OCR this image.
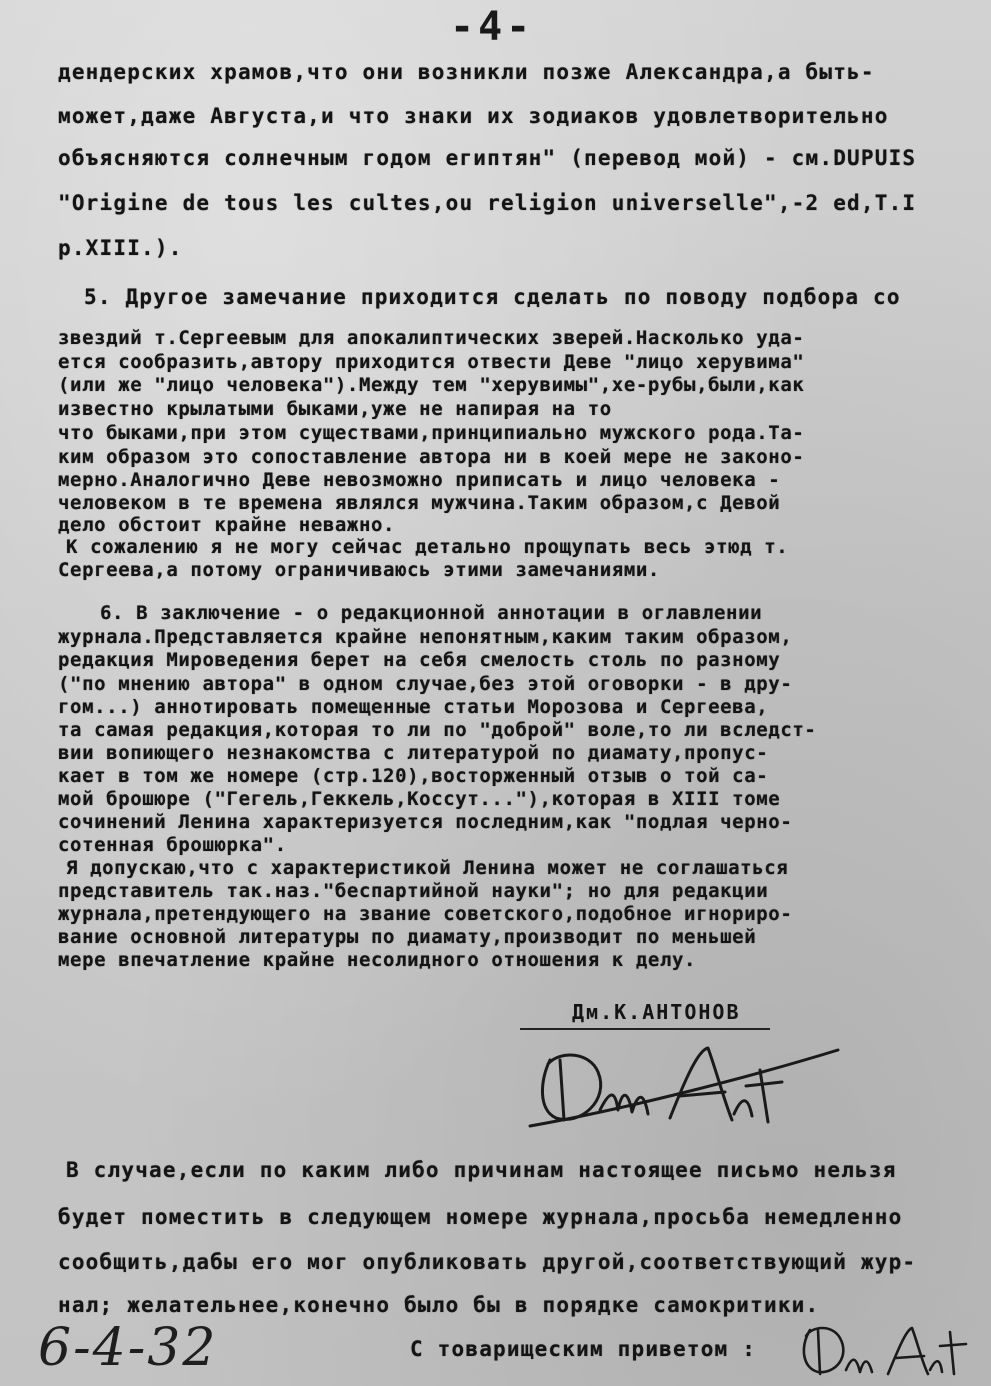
-4-
дендерских храмов,что они возникли позже Александра,а быть-
может,даже Августа,и что знаки их зодиаков удовлетворительно
объясняются солнечным годом египтян" (перевод мой) - см.DUPUIS
"Origine de tous les cultes,ou religion universelle",-2 ed,T.I
p.XIII.).
5. Другое замечание приходится сделать по поводу подбора со
звездий т.Сергеевым для апокалиптических зверей.Насколько уда-
ется сообразить,автору приходится отвести Деве "лицо херувима"
(или же "лицо человека").Между тем "херувимы",хе-рубы,были,как
известно крылатыми быками,уже не напирая на то
что быками,при этом существами,принципиально мужского рода.Та-
ким образом это сопоставление автора ни в коей мере не законо-
мерно.Аналогично Деве невозможно приписать и лицо человека -
человеком в те времена являлся мужчина.Таким образом,с Девой
дело обстоит крайне неважно.
К сожалению я не могу сейчас детально прощупать весь этюд т.
Сергеева,а потому ограничиваюсь этими замечаниями.
6. В заключение - о редакционной аннотации в оглавлении
журнала.Представляется крайне непонятным,каким таким образом,
редакция Мироведения берет на себя смелость столь по разному
("по мнению автора" в одном случае,без этой оговорки - в дру-
гом...) аннотировать помещенные статьи Морозова и Сергеева,
та самая редакция,которая то ли по "доброй" воле,то ли вследст-
вии вопиющего незнакомства с литературой по диамату,пропус-
кает в том же номере (стр.120),восторженный отзыв о той са-
мой брошюре ("Гегель,Геккель,Коссут..."),которая в XIII томе
сочинений Ленина характеризуется последним,как "подлая черно-
сотенная брошюрка".
Я допускаю,что с характеристикой Ленина может не соглашаться
представитель так.наз."беспартийной науки"; но для редакции
журнала,претендующего на звание советского,подобное игнориро-
вание основной литературы по диамату,производит по меньшей
мере впечатление крайне несолидного отношения к делу.
Дм.К.АНТОНОВ
В случае,если по каким либо причинам настоящее письмо нельзя
будет поместить в следующем номере журнала,просьба немедленно
сообщить,дабы его мог опубликовать другой,соответствующий жур-
нал; желательнее,конечно было бы в порядке самокритики.
6-4-32	С товарищеским приветом :
